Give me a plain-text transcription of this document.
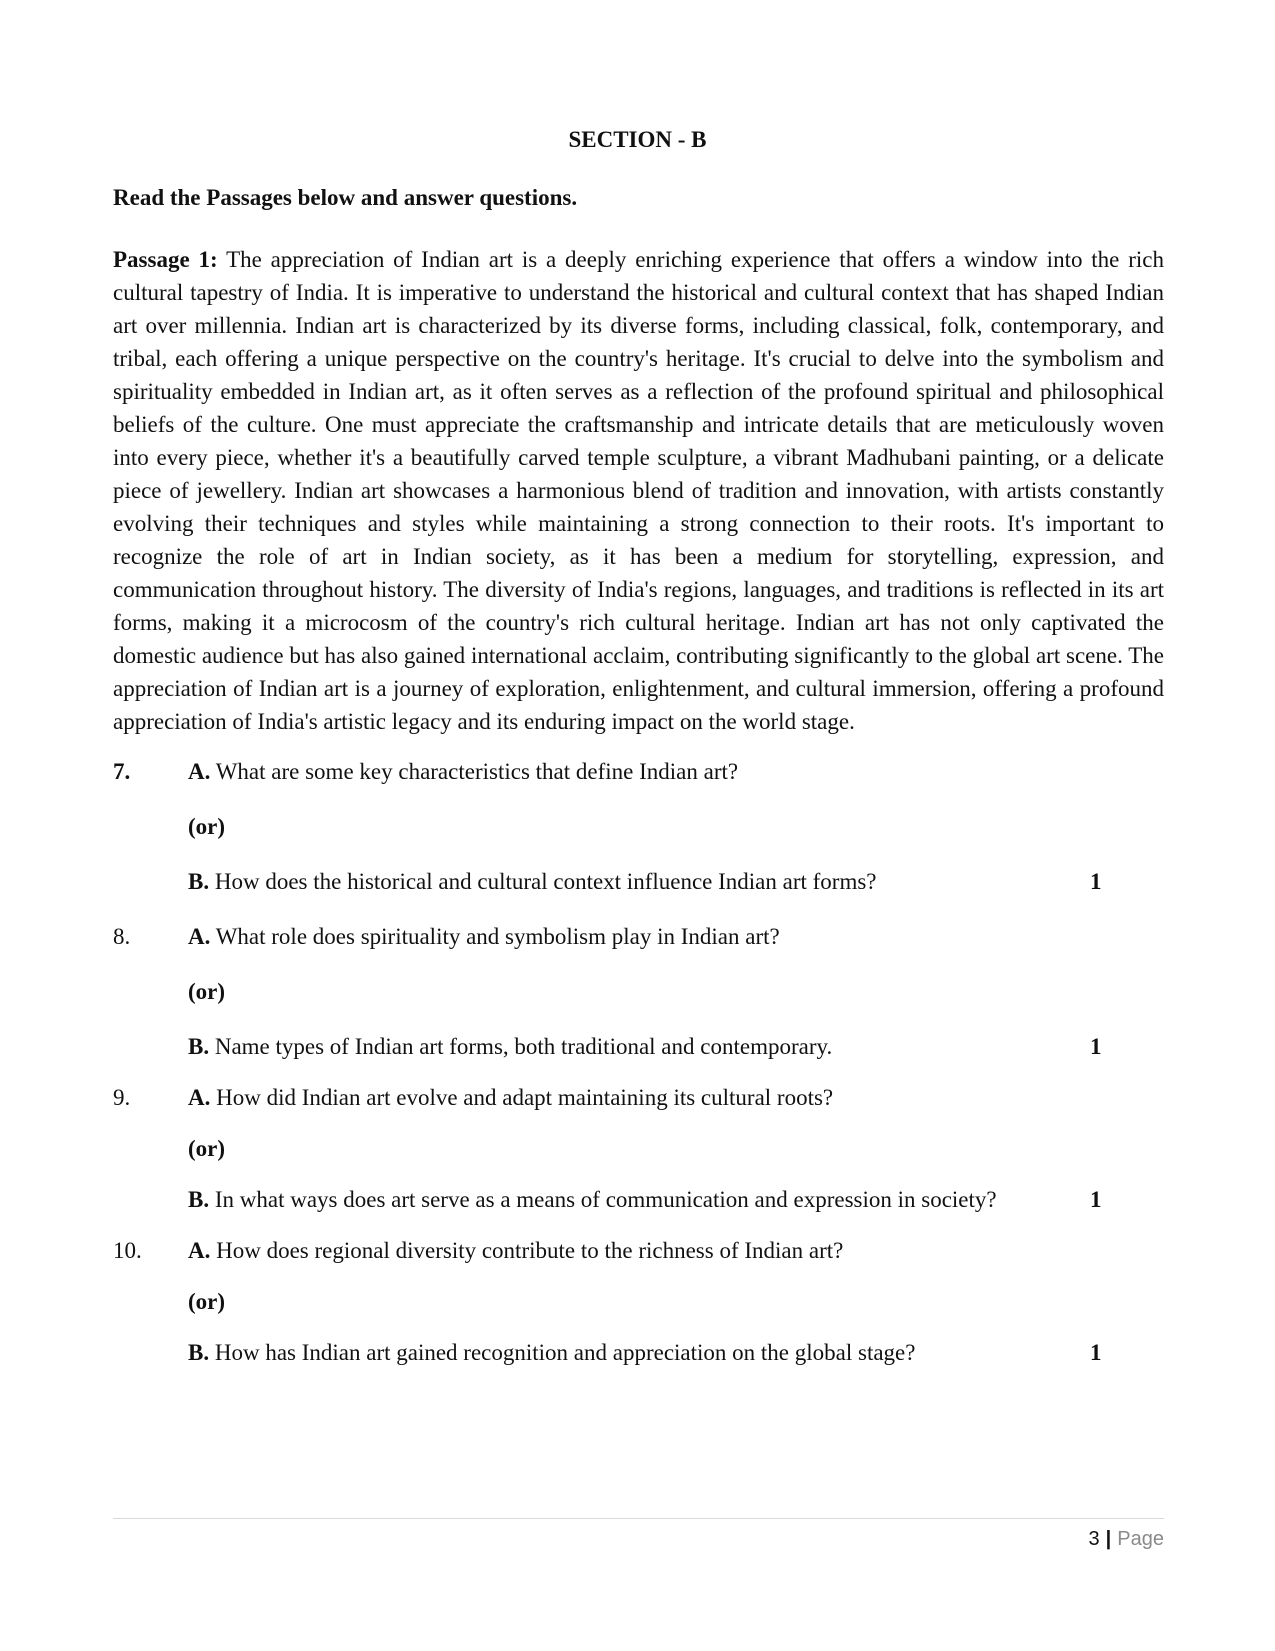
SECTION - B
Read the Passages below and answer questions.

Passage 1: The appreciation of Indian art is a deeply enriching experience that offers a window into the rich cultural tapestry of India. It is imperative to understand the historical and cultural context that has shaped Indian art over millennia. Indian art is characterized by its diverse forms, including classical, folk, contemporary, and tribal, each offering a unique perspective on the country's heritage. It's crucial to delve into the symbolism and spirituality embedded in Indian art, as it often serves as a reflection of the profound spiritual and philosophical beliefs of the culture. One must appreciate the craftsmanship and intricate details that are meticulously woven into every piece, whether it's a beautifully carved temple sculpture, a vibrant Madhubani painting, or a delicate piece of jewellery. Indian art showcases a harmonious blend of tradition and innovation, with artists constantly evolving their techniques and styles while maintaining a strong connection to their roots. It's important to recognize the role of art in Indian society, as it has been a medium for storytelling, expression, and communication throughout history. The diversity of India's regions, languages, and traditions is reflected in its art forms, making it a microcosm of the country's rich cultural heritage. Indian art has not only captivated the domestic audience but has also gained international acclaim, contributing significantly to the global art scene. The appreciation of Indian art is a journey of exploration, enlightenment, and cultural immersion, offering a profound appreciation of India's artistic legacy and its enduring impact on the world stage.

7.	A. What are some key characteristics that define Indian art?
(or)
B. How does the historical and cultural context influence Indian art forms?	1
8.	A. What role does spirituality and symbolism play in Indian art?
(or)
B. Name types of Indian art forms, both traditional and contemporary.	1
9.	A. How did Indian art evolve and adapt maintaining its cultural roots?
(or)
B. In what ways does art serve as a means of communication and expression in society?	1
10. A. How does regional diversity contribute to the richness of Indian art?
(or)
B. How has Indian art gained recognition and appreciation on the global stage?	1
3 | Page
